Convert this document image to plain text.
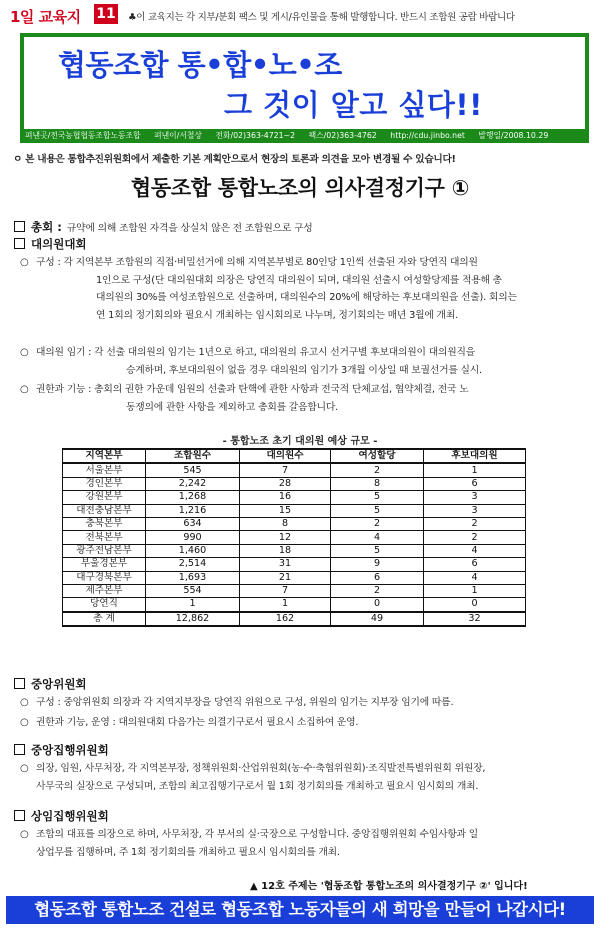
1일 교육지 11 ♣이 교육지는 각 지부/분회 팩스 및 게시/유인물을 통해 발행합니다. 반드시 조합원 공람 바랍니다
협동조합 통•합•노•조
그 것이 알고 싶다!!
펴낸곳/전국농협협동조합노동조합 펴낸이/서철상 전화/02)363-4721~2 팩스/02)363-4762 http://cdu.jinbo.net 발행일/2008.10.29
ㅇ 본 내용은 통합추진위원회에서 제출한 기본 계획안으로서 현장의 토론과 의견을 모아 변경될 수 있습니다!
협동조합 통합노조의 의사결정기구 ①
총회 : 규약에 의해 조합원 자격을 상실치 않은 전 조합원으로 구성
대의원대회
○ 구성 : 각 지역본부 조합원의 직접·비밀선거에 의해 지역본부별로 80인당 1인씩 선출된 자와 당연직 대의원
1인으로 구성(단 대의원대회 의장은 당연직 대의원이 되며, 대의원 선출시 여성할당제를 적용해 총
대의원의 30%를 여성조합원으로 선출하며, 대의원수의 20%에 해당하는 후보대의원을 선출). 회의는
연 1회의 정기회의와 필요시 개최하는 임시회의로 나누며, 정기회의는 매년 3월에 개최.
○ 대의원 임기 : 각 선출 대의원의 임기는 1년으로 하고, 대의원의 유고시 선거구별 후보대의원이 대의원직을
승계하며, 후보대의원이 없을 경우 대의원의 임기가 3개월 이상일 때 보궐선거를 실시.
○ 권한과 기능 : 총회의 권한 가운데 임원의 선출과 탄핵에 관한 사항과 전국적 단체교섭, 협약체결, 전국 노
동쟁의에 관한 사항을 제외하고 총회를 갈음합니다.
- 통합노조 초기 대의원 예상 규모 -
지역본부	조합원수	대의원수	여성할당	후보대의원
서울본부	545	7	2	1
경인본부	2,242	28	8	6
강원본부	1,268	16	5	3
대전충남본부	1,216	15	5	3
충북본부	634	8	2	2
전북본부	990	12	4	2
광주전남본부	1,460	18	5	4
부울경본부	2,514	31	9	6
대구경북본부	1,693	21	6	4
제주본부	554	7	2	1
당연직	1	1	0	0
총 계	12,862	162	49	32
중앙위원회
○ 구성 : 중앙위원회 의장과 각 지역지부장을 당연직 위원으로 구성, 위원의 임기는 지부장 임기에 따름.
○ 권한과 기능, 운영 : 대의원대회 다음가는 의결기구로서 필요시 소집하여 운영.
중앙집행위원회
○ 의장, 임원, 사무처장, 각 지역본부장, 정책위원회·산업위원회(농·수·축협위원회)·조직발전특별위원회 위원장,
사무국의 실장으로 구성되며, 조합의 최고집행기구로서 월 1회 정기회의를 개최하고 필요시 임시회의 개최.
상임집행위원회
○ 조합의 대표를 의장으로 하며, 사무처장, 각 부서의 실·국장으로 구성합니다. 중앙집행위원회 수임사항과 일
상업무를 집행하며, 주 1회 정기회의를 개최하고 필요시 임시회의를 개최.
▲ 12호 주제는 '협동조합 통합노조의 의사결정기구 ②' 입니다!
협동조합 통합노조 건설로 협동조합 노동자들의 새 희망을 만들어 나갑시다!
